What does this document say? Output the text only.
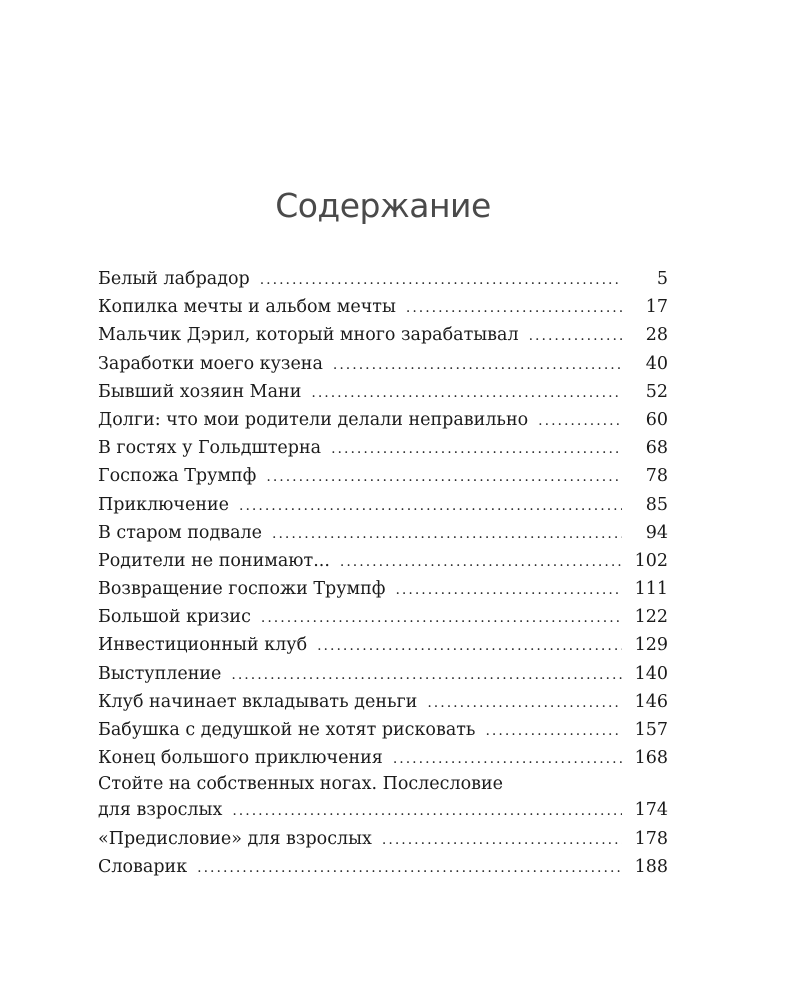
Содержание
Белый лабрадор .....	5
Копилка мечты и альбом мечты .....	17
Мальчик Дэрил, который много зарабатывал .....	28
Заработки моего кузена .....	40
Бывший хозяин Мани .....	52
Долги: что мои родители делали неправильно .....	60
В гостях у Гольдштерна .....	68
Госпожа Трумпф .....	78
Приключение .....	85
В старом подвале .....	94
Родители не понимают... .....	102
Возвращение госпожи Трумпф .....	111
Большой кризис .....	122
Инвестиционный клуб .....	129
Выступление .....	140
Клуб начинает вкладывать деньги .....	146
Бабушка с дедушкой не хотят рисковать .....	157
Конец большого приключения .....	168
Стойте на собственных ногах. Послесловие
для взрослых .....	174
«Предисловие» для взрослых .....	178
Словарик .....	188
